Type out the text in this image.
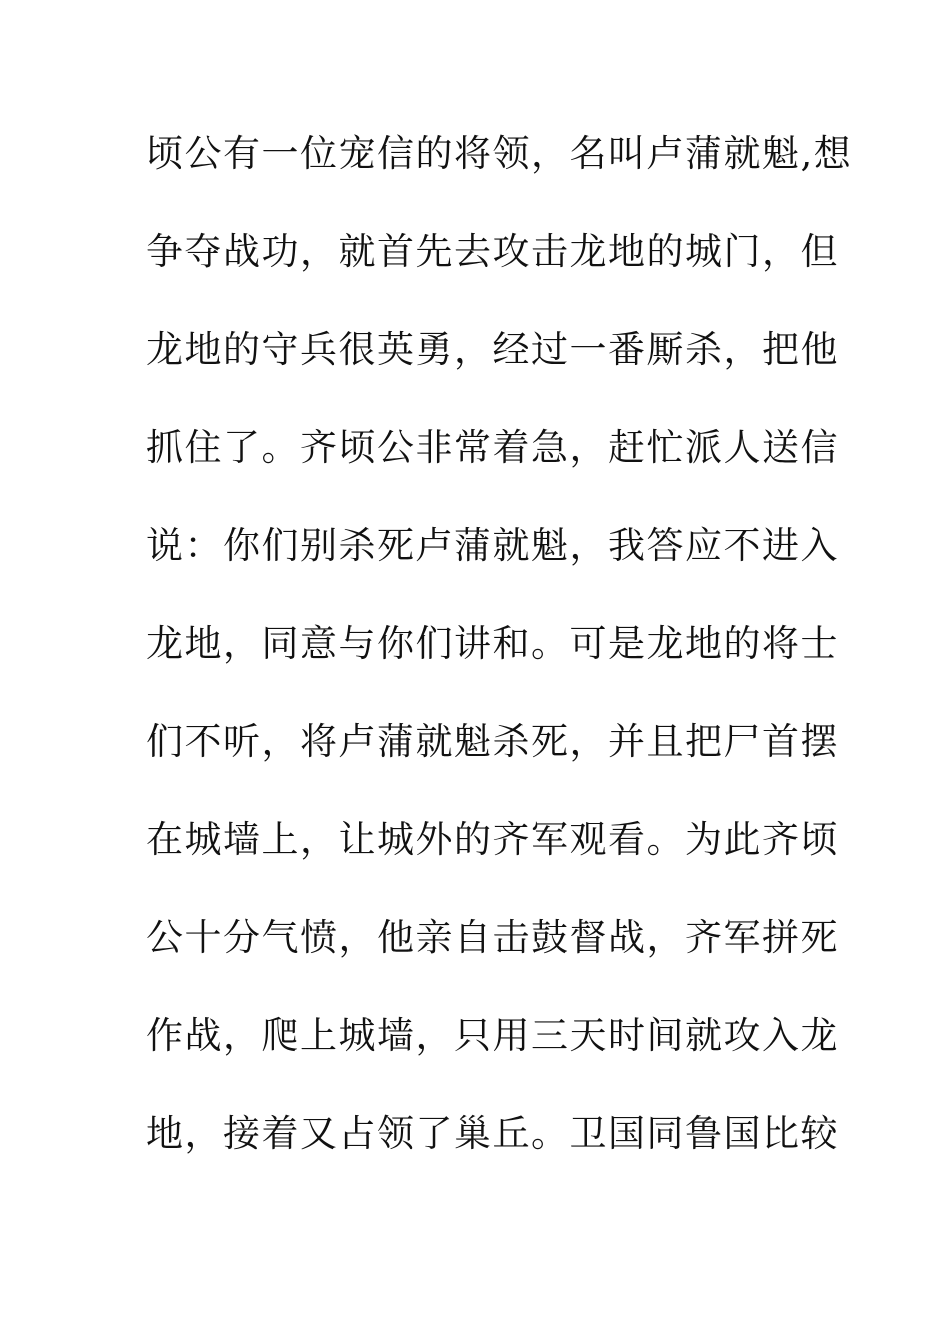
顷公有一位宠信的将领，名叫卢蒲就魁,想
争夺战功，就首先去攻击龙地的城门，但
龙地的守兵很英勇，经过一番厮杀，把他
抓住了。齐顷公非常着急，赶忙派人送信
说：你们别杀死卢蒲就魁，我答应不进入
龙地，同意与你们讲和。可是龙地的将士
们不听，将卢蒲就魁杀死，并且把尸首摆
在城墙上，让城外的齐军观看。为此齐顷
公十分气愤，他亲自击鼓督战，齐军拼死
作战，爬上城墙，只用三天时间就攻入龙
地，接着又占领了巢丘。卫国同鲁国比较
